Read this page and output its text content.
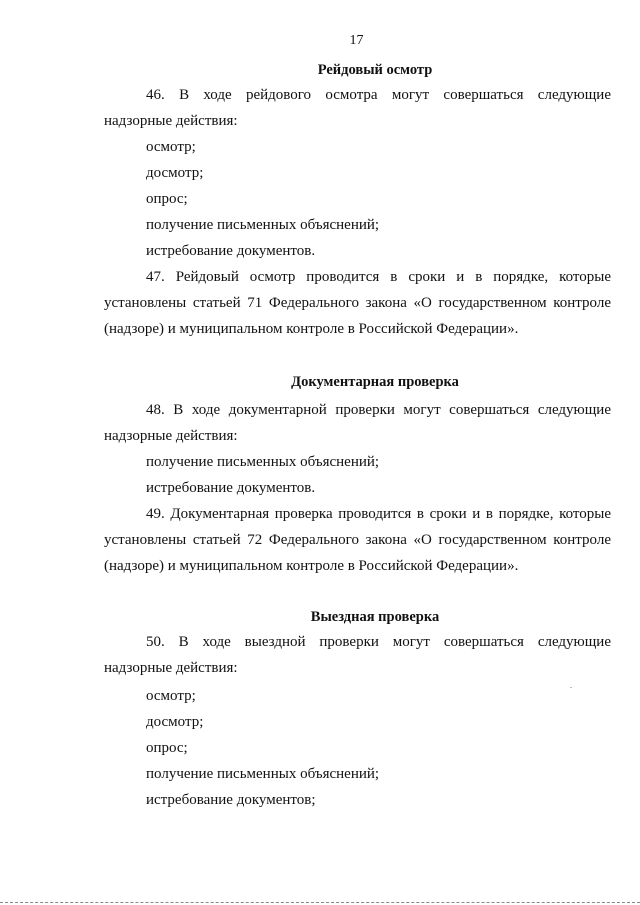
17
Рейдовый осмотр
46. В ходе рейдового осмотра могут совершаться следующие
надзорные действия:
осмотр;
досмотр;
опрос;
получение письменных объяснений;
истребование документов.
47. Рейдовый осмотр проводится в сроки и в порядке, которые
установлены статьей 71 Федерального закона «О государственном контроле
(надзоре) и муниципальном контроле в Российской Федерации».
Документарная проверка
48. В ходе документарной проверки могут совершаться следующие
надзорные действия:
получение письменных объяснений;
истребование документов.
49. Документарная проверка проводится в сроки и в порядке, которые
установлены статьей 72 Федерального закона «О государственном контроле
(надзоре) и муниципальном контроле в Российской Федерации».
Выездная проверка
50. В ходе выездной проверки могут совершаться следующие
надзорные действия:
осмотр;
досмотр;
опрос;
получение письменных объяснений;
истребование документов;
